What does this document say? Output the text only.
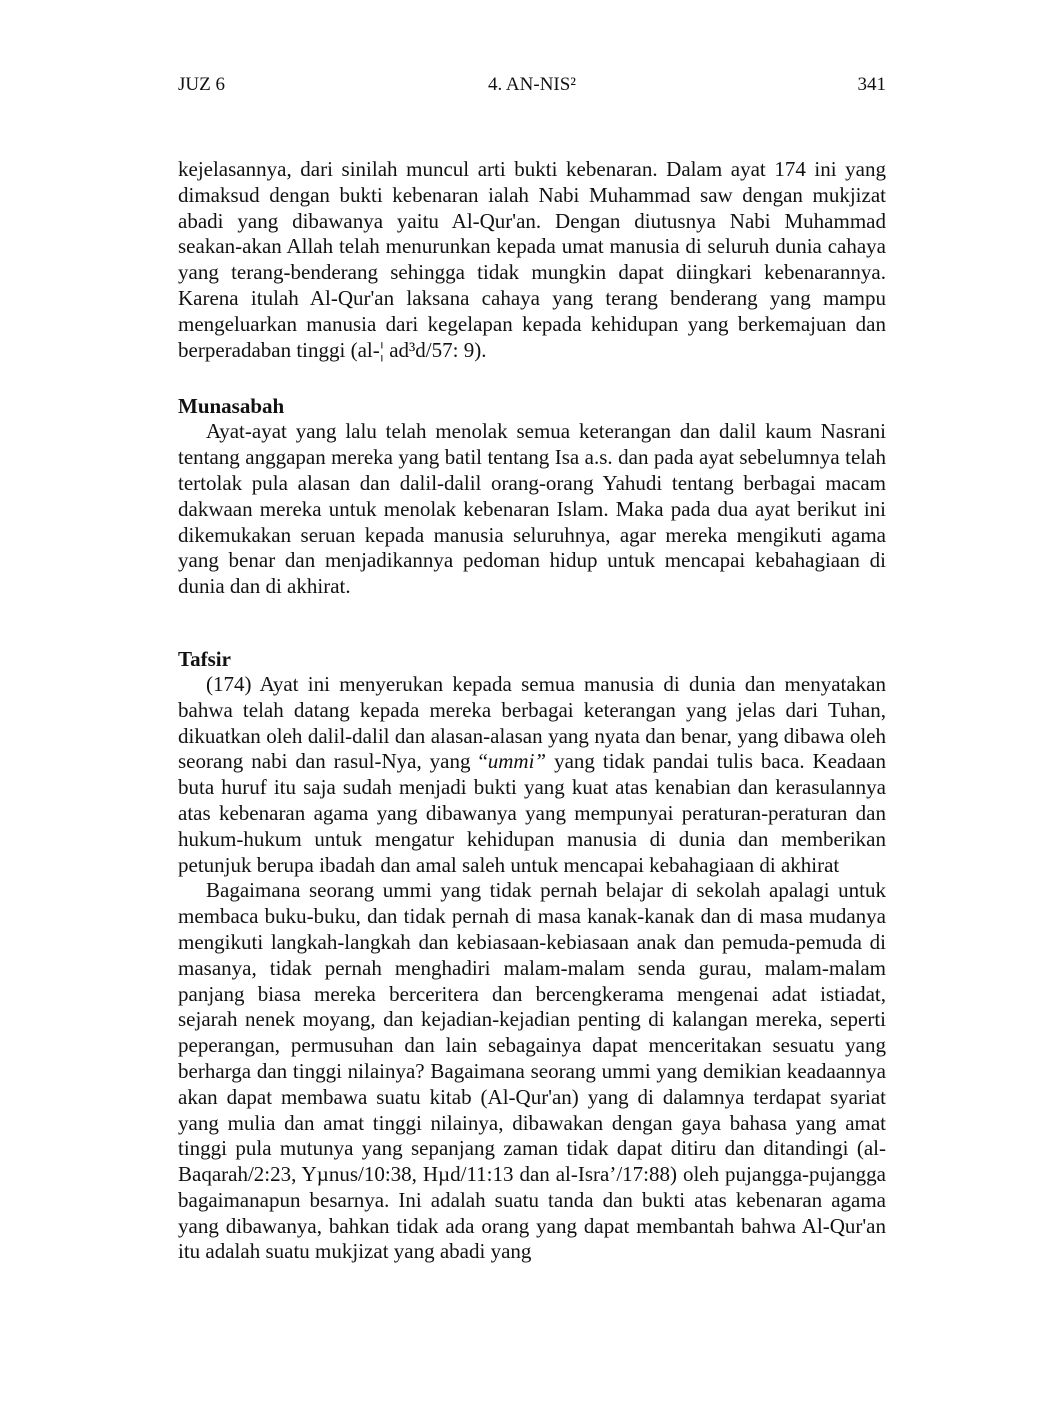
JUZ 6	4. AN-NIS²	341

kejelasannya, dari sinilah muncul arti bukti kebenaran. Dalam ayat 174 ini yang dimaksud dengan bukti kebenaran ialah Nabi Muhammad saw dengan mukjizat abadi yang dibawanya yaitu Al-Qur'an. Dengan diutusnya Nabi Muhammad seakan-akan Allah telah menurunkan kepada umat manusia di seluruh dunia cahaya yang terang-benderang sehingga tidak mungkin dapat diingkari kebenarannya. Karena itulah Al-Qur'an laksana cahaya yang terang benderang yang mampu mengeluarkan manusia dari kegelapan kepada kehidupan yang berkemajuan dan berperadaban tinggi (al-¦ ad³d/57: 9).

Munasabah

Ayat-ayat yang lalu telah menolak semua keterangan dan dalil kaum Nasrani tentang anggapan mereka yang batil tentang Isa a.s. dan pada ayat sebelumnya telah tertolak pula alasan dan dalil-dalil orang-orang Yahudi tentang berbagai macam dakwaan mereka untuk menolak kebenaran Islam. Maka pada dua ayat berikut ini dikemukakan seruan kepada manusia seluruhnya, agar mereka mengikuti agama yang benar dan menjadikannya pedoman hidup untuk mencapai kebahagiaan di dunia dan di akhirat.

Tafsir

(174) Ayat ini menyerukan kepada semua manusia di dunia dan menyatakan bahwa telah datang kepada mereka berbagai keterangan yang jelas dari Tuhan, dikuatkan oleh dalil-dalil dan alasan-alasan yang nyata dan benar, yang dibawa oleh seorang nabi dan rasul-Nya, yang “ummi” yang tidak pandai tulis baca. Keadaan buta huruf itu saja sudah menjadi bukti yang kuat atas kenabian dan kerasulannya atas kebenaran agama yang dibawanya yang mempunyai peraturan-peraturan dan hukum-hukum untuk mengatur kehidupan manusia di dunia dan memberikan petunjuk berupa ibadah dan amal saleh untuk mencapai kebahagiaan di akhirat

Bagaimana seorang ummi yang tidak pernah belajar di sekolah apalagi untuk membaca buku-buku, dan tidak pernah di masa kanak-kanak dan di masa mudanya mengikuti langkah-langkah dan kebiasaan-kebiasaan anak dan pemuda-pemuda di masanya, tidak pernah menghadiri malam-malam senda gurau, malam-malam panjang biasa mereka berceritera dan bercengkerama mengenai adat istiadat, sejarah nenek moyang, dan kejadian-kejadian penting di kalangan mereka, seperti peperangan, permusuhan dan lain sebagainya dapat menceritakan sesuatu yang berharga dan tinggi nilainya? Bagaimana seorang ummi yang demikian keadaannya akan dapat membawa suatu kitab (Al-Qur'an) yang di dalamnya terdapat syariat yang mulia dan amat tinggi nilainya, dibawakan dengan gaya bahasa yang amat tinggi pula mutunya yang sepanjang zaman tidak dapat ditiru dan ditandingi (al-Baqarah/2:23, Yµnus/10:38, Hµd/11:13 dan al-Isra’/17:88) oleh pujangga-pujangga bagaimanapun besarnya. Ini adalah suatu tanda dan bukti atas kebenaran agama yang dibawanya, bahkan tidak ada orang yang dapat membantah bahwa Al-Qur'an itu adalah suatu mukjizat yang abadi yang
